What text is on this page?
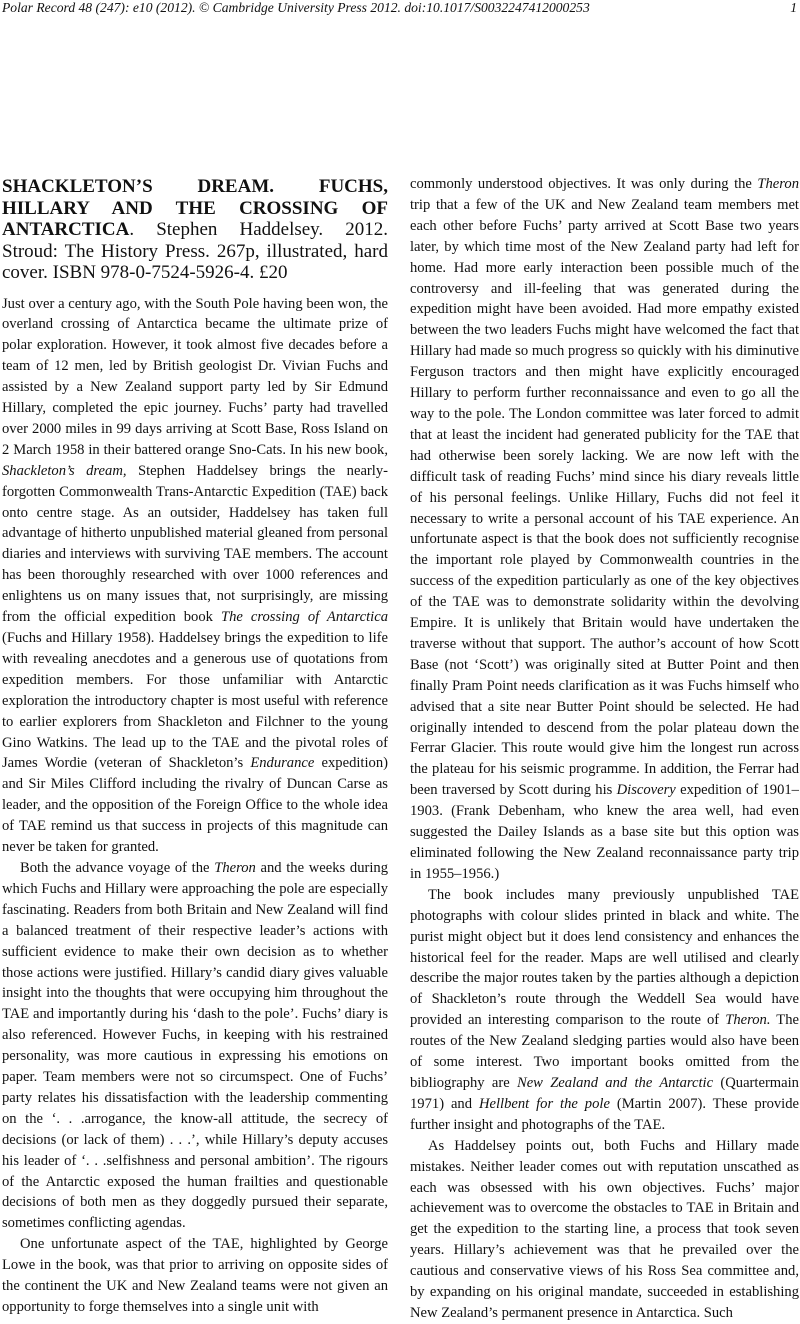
Polar Record 48 (247): e10 (2012). © Cambridge University Press 2012. doi:10.1017/S0032247412000253	1
SHACKLETON’S DREAM. FUCHS, HILLARY AND THE CROSSING OF ANTARCTICA. Stephen Haddelsey. 2012. Stroud: The History Press. 267p, illustrated, hard cover. ISBN 978-0-7524-5926-4. £20

Just over a century ago, with the South Pole having been won, the overland crossing of Antarctica became the ultimate prize of polar exploration. However, it took almost five decades before a team of 12 men, led by British geologist Dr. Vivian Fuchs and assisted by a New Zealand support party led by Sir Edmund Hillary, completed the epic journey. Fuchs’ party had travelled over 2000 miles in 99 days arriving at Scott Base, Ross Island on 2 March 1958 in their battered orange Sno-Cats. In his new book, Shackleton’s dream, Stephen Haddelsey brings the nearly-forgotten Commonwealth Trans-Antarctic Expedition (TAE) back onto centre stage. As an outsider, Haddelsey has taken full advantage of hitherto unpublished material gleaned from personal diaries and interviews with surviving TAE members. The account has been thoroughly researched with over 1000 references and enlightens us on many issues that, not surprisingly, are missing from the official expedition book The crossing of Antarctica (Fuchs and Hillary 1958). Haddelsey brings the expedition to life with revealing anecdotes and a generous use of quotations from expedition members. For those unfamiliar with Antarctic exploration the introductory chapter is most useful with reference to earlier explorers from Shackleton and Filchner to the young Gino Watkins. The lead up to the TAE and the pivotal roles of James Wordie (veteran of Shackleton’s Endurance expedition) and Sir Miles Clifford including the rivalry of Duncan Carse as leader, and the opposition of the Foreign Office to the whole idea of TAE remind us that success in projects of this magnitude can never be taken for granted.

Both the advance voyage of the Theron and the weeks during which Fuchs and Hillary were approaching the pole are especially fascinating. Readers from both Britain and New Zealand will find a balanced treatment of their respective leader’s actions with sufficient evidence to make their own decision as to whether those actions were justified. Hillary’s candid diary gives valuable insight into the thoughts that were occupying him throughout the TAE and importantly during his ‘dash to the pole’. Fuchs’ diary is also referenced. However Fuchs, in keeping with his restrained personality, was more cautious in expressing his emotions on paper. Team members were not so circumspect. One of Fuchs’ party relates his dissatisfaction with the leadership commenting on the ‘. . .arrogance, the know-all attitude, the secrecy of decisions (or lack of them) . . .’, while Hillary’s deputy accuses his leader of ‘. . .selfishness and personal ambition’. The rigours of the Antarctic exposed the human frailties and questionable decisions of both men as they doggedly pursued their separate, sometimes conflicting agendas.

One unfortunate aspect of the TAE, highlighted by George Lowe in the book, was that prior to arriving on opposite sides of the continent the UK and New Zealand teams were not given an opportunity to forge themselves into a single unit with

commonly understood objectives. It was only during the Theron trip that a few of the UK and New Zealand team members met each other before Fuchs’ party arrived at Scott Base two years later, by which time most of the New Zealand party had left for home. Had more early interaction been possible much of the controversy and ill-feeling that was generated during the expedition might have been avoided. Had more empathy existed between the two leaders Fuchs might have welcomed the fact that Hillary had made so much progress so quickly with his diminutive Ferguson tractors and then might have explicitly encouraged Hillary to perform further reconnaissance and even to go all the way to the pole. The London committee was later forced to admit that at least the incident had generated publicity for the TAE that had otherwise been sorely lacking. We are now left with the difficult task of reading Fuchs’ mind since his diary reveals little of his personal feelings. Unlike Hillary, Fuchs did not feel it necessary to write a personal account of his TAE experience. An unfortunate aspect is that the book does not sufficiently recognise the important role played by Commonwealth countries in the success of the expedition particularly as one of the key objectives of the TAE was to demonstrate solidarity within the devolving Empire. It is unlikely that Britain would have undertaken the traverse without that support. The author’s account of how Scott Base (not ‘Scott’) was originally sited at Butter Point and then finally Pram Point needs clarification as it was Fuchs himself who advised that a site near Butter Point should be selected. He had originally intended to descend from the polar plateau down the Ferrar Glacier. This route would give him the longest run across the plateau for his seismic programme. In addition, the Ferrar had been traversed by Scott during his Discovery expedition of 1901–1903. (Frank Debenham, who knew the area well, had even suggested the Dailey Islands as a base site but this option was eliminated following the New Zealand reconnaissance party trip in 1955–1956.)

The book includes many previously unpublished TAE photographs with colour slides printed in black and white. The purist might object but it does lend consistency and enhances the historical feel for the reader. Maps are well utilised and clearly describe the major routes taken by the parties although a depiction of Shackleton’s route through the Weddell Sea would have provided an interesting comparison to the route of Theron. The routes of the New Zealand sledging parties would also have been of some interest. Two important books omitted from the bibliography are New Zealand and the Antarctic (Quartermain 1971) and Hellbent for the pole (Martin 2007). These provide further insight and photographs of the TAE.

As Haddelsey points out, both Fuchs and Hillary made mistakes. Neither leader comes out with reputation unscathed as each was obsessed with his own objectives. Fuchs’ major achievement was to overcome the obstacles to TAE in Britain and get the expedition to the starting line, a process that took seven years. Hillary’s achievement was that he prevailed over the cautious and conservative views of his Ross Sea committee and, by expanding on his original mandate, succeeded in establishing New Zealand’s permanent presence in Antarctica. Such
